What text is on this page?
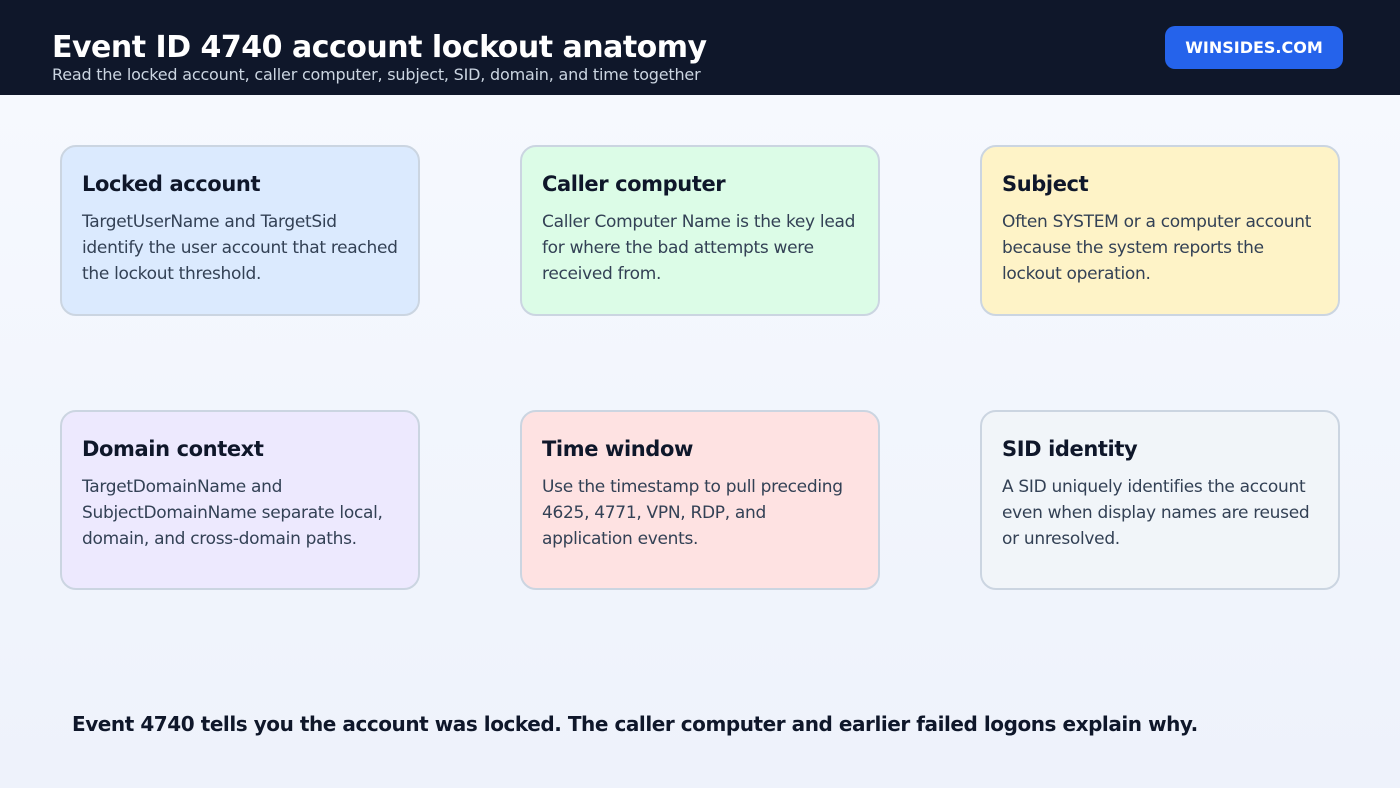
Event ID 4740 account lockout anatomy

Read the locked account, caller computer, subject, SID, domain, and time together

WINSIDES.COM
Locked account

TargetUserName and TargetSid identify the user account that reached the lockout threshold.

Caller computer

Caller Computer Name is the key lead for where the bad attempts were received from.

Subject

Often SYSTEM or a computer account because the system reports the lockout operation.

Domain context

TargetDomainName and SubjectDomainName separate local, domain, and cross-domain paths.

Time window

Use the timestamp to pull preceding 4625, 4771, VPN, RDP, and application events.

SID identity

A SID uniquely identifies the account even when display names are reused or unresolved.

Event 4740 tells you the account was locked. The caller computer and earlier failed logons explain why.
